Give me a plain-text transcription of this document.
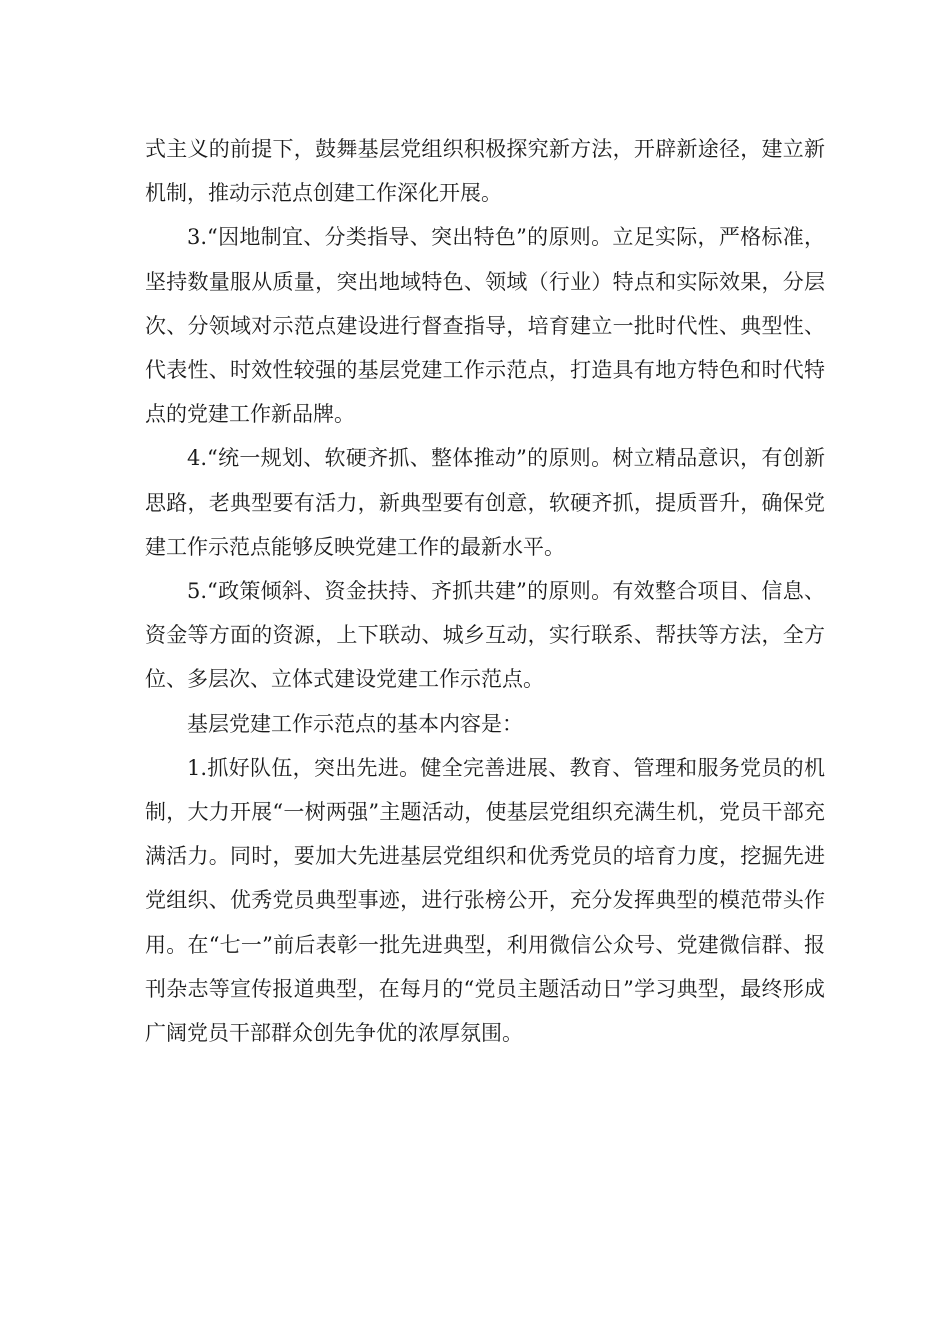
式主义的前提下，鼓舞基层党组织积极探究新方法，开辟新途径，建立新机制，推动示范点创建工作深化开展。

3.“因地制宜、分类指导、突出特色”的原则。立足实际，严格标准，坚持数量服从质量，突出地域特色、领域（行业）特点和实际效果，分层次、分领域对示范点建设进行督查指导，培育建立一批时代性、典型性、代表性、时效性较强的基层党建工作示范点，打造具有地方特色和时代特点的党建工作新品牌。

4.“统一规划、软硬齐抓、整体推动”的原则。树立精品意识，有创新思路，老典型要有活力，新典型要有创意，软硬齐抓，提质晋升，确保党建工作示范点能够反映党建工作的最新水平。

5.“政策倾斜、资金扶持、齐抓共建”的原则。有效整合项目、信息、资金等方面的资源，上下联动、城乡互动，实行联系、帮扶等方法，全方位、多层次、立体式建设党建工作示范点。

基层党建工作示范点的基本内容是：

1.抓好队伍，突出先进。健全完善进展、教育、管理和服务党员的机制，大力开展“一树两强”主题活动，使基层党组织充满生机，党员干部充满活力。同时，要加大先进基层党组织和优秀党员的培育力度，挖掘先进党组织、优秀党员典型事迹，进行张榜公开，充分发挥典型的模范带头作用。在“七一”前后表彰一批先进典型，利用微信公众号、党建微信群、报刊杂志等宣传报道典型，在每月的“党员主题活动日”学习典型，最终形成广阔党员干部群众创先争优的浓厚氛围。
